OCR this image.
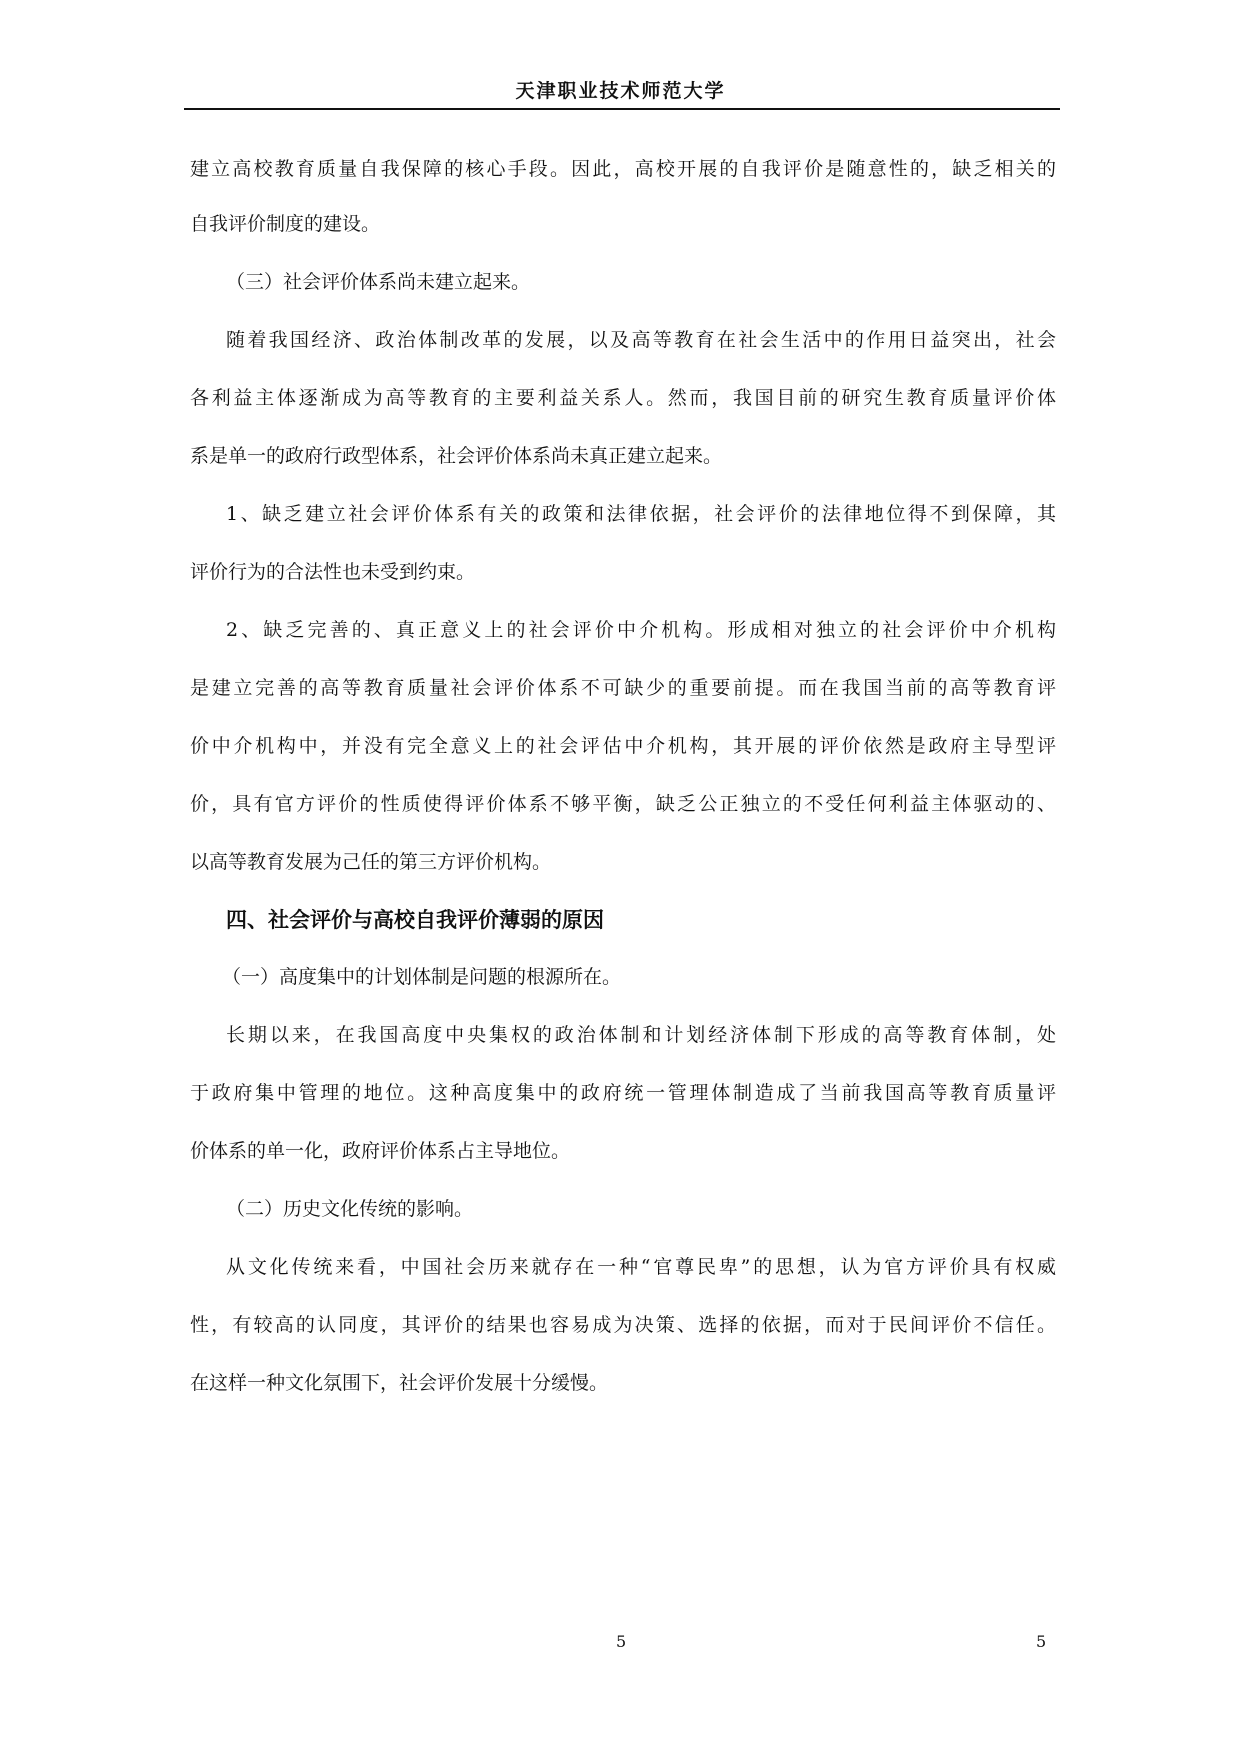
天津职业技术师范大学
建立高校教育质量自我保障的核心手段。因此，高校开展的自我评价是随意性的，缺乏相关的
自我评价制度的建设。
（三）社会评价体系尚未建立起来。
随着我国经济、政治体制改革的发展，以及高等教育在社会生活中的作用日益突出，社会
各利益主体逐渐成为高等教育的主要利益关系人。然而，我国目前的研究生教育质量评价体
系是单一的政府行政型体系，社会评价体系尚未真正建立起来。
1、缺乏建立社会评价体系有关的政策和法律依据，社会评价的法律地位得不到保障，其
评价行为的合法性也未受到约束。
2、缺乏完善的、真正意义上的社会评价中介机构。形成相对独立的社会评价中介机构
是建立完善的高等教育质量社会评价体系不可缺少的重要前提。而在我国当前的高等教育评
价中介机构中，并没有完全意义上的社会评估中介机构，其开展的评价依然是政府主导型评
价，具有官方评价的性质使得评价体系不够平衡，缺乏公正独立的不受任何利益主体驱动的、
以高等教育发展为己任的第三方评价机构。
四、社会评价与高校自我评价薄弱的原因
（一）高度集中的计划体制是问题的根源所在。
长期以来，在我国高度中央集权的政治体制和计划经济体制下形成的高等教育体制，处
于政府集中管理的地位。这种高度集中的政府统一管理体制造成了当前我国高等教育质量评
价体系的单一化，政府评价体系占主导地位。
（二）历史文化传统的影响。
从文化传统来看，中国社会历来就存在一种“官尊民卑”的思想，认为官方评价具有权威
性，有较高的认同度，其评价的结果也容易成为决策、选择的依据，而对于民间评价不信任。
在这样一种文化氛围下，社会评价发展十分缓慢。
5	5
